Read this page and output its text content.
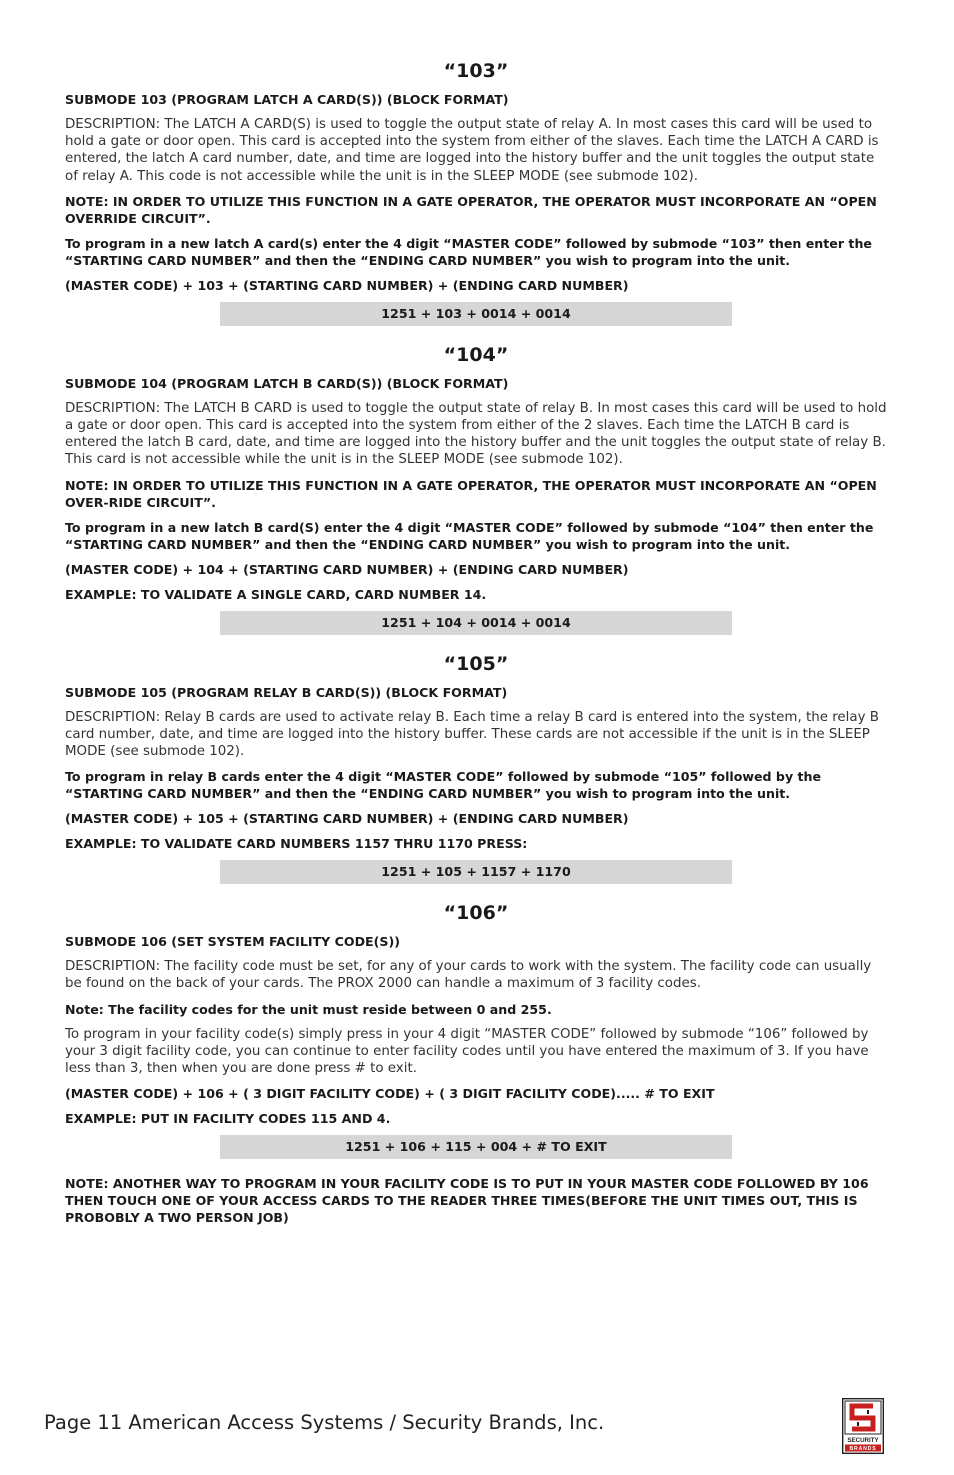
“103”

SUBMODE 103 (PROGRAM LATCH A CARD(S)) (BLOCK FORMAT)

DESCRIPTION: The LATCH A CARD(S) is used to toggle the output state of relay A. In most cases this card will be used to hold a gate or door open. This card is accepted into the system from either of the slaves. Each time the LATCH A CARD is entered, the latch A card number, date, and time are logged into the history buffer and the unit toggles the output state of relay A. This code is not accessible while the unit is in the SLEEP MODE (see submode 102).

NOTE: IN ORDER TO UTILIZE THIS FUNCTION IN A GATE OPERATOR, THE OPERATOR MUST INCORPORATE AN “OPEN OVERRIDE CIRCUIT”.

To program in a new latch A card(s) enter the 4 digit “MASTER CODE” followed by submode “103” then enter the “STARTING CARD NUMBER” and then the “ENDING CARD NUMBER” you wish to program into the unit.

(MASTER CODE) + 103 + (STARTING CARD NUMBER) + (ENDING CARD NUMBER)

1251 + 103 + 0014 + 0014
“104”

SUBMODE 104 (PROGRAM LATCH B CARD(S)) (BLOCK FORMAT)

DESCRIPTION: The LATCH B CARD is used to toggle the output state of relay B. In most cases this card will be used to hold a gate or door open. This card is accepted into the system from either of the 2 slaves. Each time the LATCH B card is entered the latch B card, date, and time are logged into the history buffer and the unit toggles the output state of relay B. This card is not accessible while the unit is in the SLEEP MODE (see submode 102).

NOTE: IN ORDER TO UTILIZE THIS FUNCTION IN A GATE OPERATOR, THE OPERATOR MUST INCORPORATE AN “OPEN OVER-RIDE CIRCUIT”.

To program in a new latch B card(S) enter the 4 digit “MASTER CODE” followed by submode “104” then enter the “STARTING CARD NUMBER” and then the “ENDING CARD NUMBER” you wish to program into the unit.

(MASTER CODE) + 104 + (STARTING CARD NUMBER) + (ENDING CARD NUMBER)

EXAMPLE: TO VALIDATE A SINGLE CARD, CARD NUMBER 14.

1251 + 104 + 0014 + 0014
“105”

SUBMODE 105 (PROGRAM RELAY B CARD(S)) (BLOCK FORMAT)

DESCRIPTION: Relay B cards are used to activate relay B. Each time a relay B card is entered into the system, the relay B card number, date, and time are logged into the history buffer. These cards are not accessible if the unit is in the SLEEP MODE (see submode 102).

To program in relay B cards enter the 4 digit “MASTER CODE” followed by submode “105” followed by the “STARTING CARD NUMBER” and then the “ENDING CARD NUMBER” you wish to program into the unit.

(MASTER CODE) + 105 + (STARTING CARD NUMBER) + (ENDING CARD NUMBER)

EXAMPLE: TO VALIDATE CARD NUMBERS 1157 THRU 1170 PRESS:

1251 + 105 + 1157 + 1170
“106”

SUBMODE 106 (SET SYSTEM FACILITY CODE(S))

DESCRIPTION: The facility code must be set, for any of your cards to work with the system. The facility code can usually be found on the back of your cards. The PROX 2000 can handle a maximum of 3 facility codes.

Note: The facility codes for the unit must reside between 0 and 255.

To program in your facility code(s) simply press in your 4 digit “MASTER CODE” followed by submode “106” followed by your 3 digit facility code, you can continue to enter facility codes until you have entered the maximum of 3. If you have less than 3, then when you are done press # to exit.

(MASTER CODE) + 106 + ( 3 DIGIT FACILITY CODE) + ( 3 DIGIT FACILITY CODE)..... # TO EXIT

EXAMPLE: PUT IN FACILITY CODES 115 AND 4.

1251 + 106 + 115 + 004 + # TO EXIT

NOTE: ANOTHER WAY TO PROGRAM IN YOUR FACILITY CODE IS TO PUT IN YOUR MASTER CODE FOLLOWED BY 106 THEN TOUCH ONE OF YOUR ACCESS CARDS TO THE READER THREE TIMES(BEFORE THE UNIT TIMES OUT, THIS IS PROBOBLY A TWO PERSON JOB)

Page 11 American Access Systems / Security Brands, Inc.
SECURITY
BRANDS
